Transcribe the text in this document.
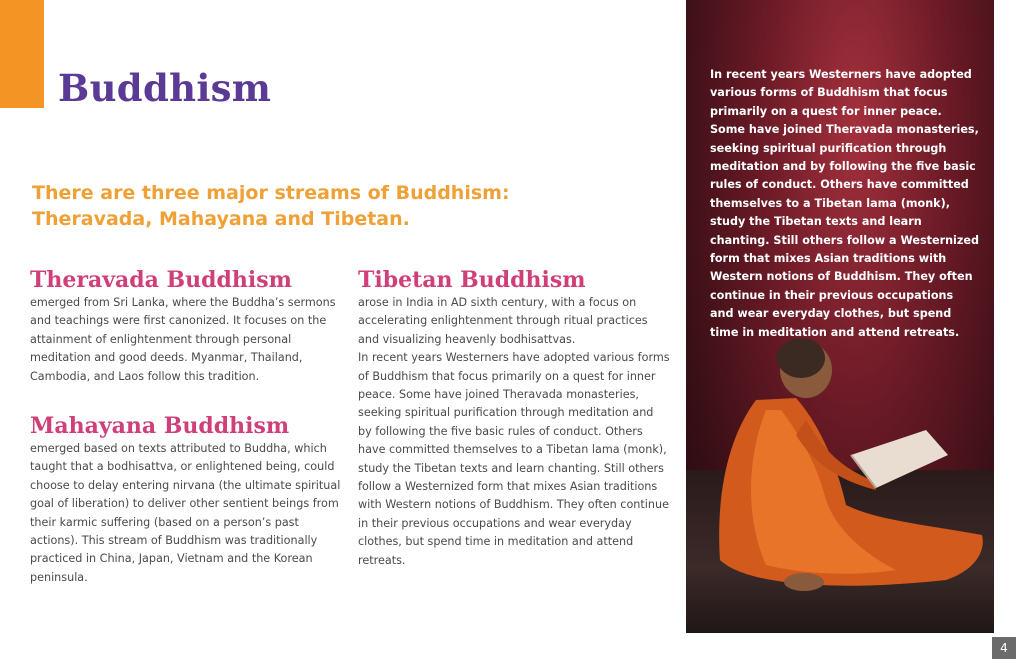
Buddhism

There are three major streams of Buddhism: Theravada, Mahayana and Tibetan.

Theravada Buddhism

emerged from Sri Lanka, where the Buddha’s sermons and teachings were first canonized. It focuses on the attainment of enlightenment through personal meditation and good deeds. Myanmar, Thailand, Cambodia, and Laos follow this tradition.

Mahayana Buddhism

emerged based on texts attributed to Buddha, which taught that a bodhisattva, or enlightened being, could choose to delay entering nirvana (the ultimate spiritual goal of liberation) to deliver other sentient beings from their karmic suffering (based on a person’s past actions). This stream of Buddhism was traditionally practiced in China, Japan, Vietnam and the Korean peninsula.

Tibetan Buddhism

arose in India in AD sixth century, with a focus on accelerating enlightenment through ritual practices and visualizing heavenly bodhisattvas.
In recent years Westerners have adopted various forms of Buddhism that focus primarily on a quest for inner peace. Some have joined Theravada monasteries, seeking spiritual purification through meditation and by following the five basic rules of conduct. Others have committed themselves to a Tibetan lama (monk), study the Tibetan texts and learn chanting. Still others follow a Westernized form that mixes Asian traditions with Western notions of Buddhism. They often continue in their previous occupations and wear everyday clothes, but spend time in meditation and attend retreats.

In recent years Westerners have adopted various forms of Buddhism that focus primarily on a quest for inner peace. Some have joined Theravada monasteries, seeking spiritual purification through meditation and by following the five basic rules of conduct. Others have committed themselves to a Tibetan lama (monk), study the Tibetan texts and learn chanting. Still others follow a Westernized form that mixes Asian traditions with Western notions of Buddhism. They often continue in their previous occupations and wear everyday clothes, but spend time in meditation and attend retreats.

4
